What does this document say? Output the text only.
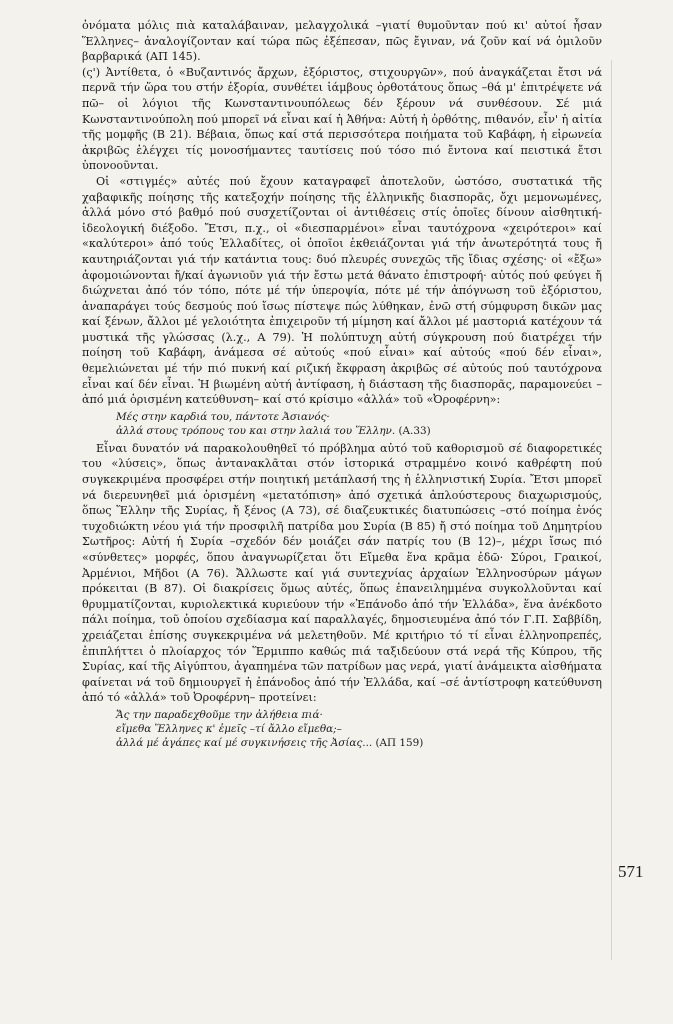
ὀνόματα μόλις πιὰ καταλάβαιναν, μελαγχολικά –γιατί θυμοῦνταν πού κι' αὐτοί ἦσαν Ἕλληνες– ἀναλογίζονταν καί τώρα πῶς ἐξέπεσαν, πῶς ἔγιναν, νά ζοῦν καί νά ὁμιλοῦν βαρβαρικά (ΑΠ 145).

(ς') Ἀντίθετα, ὁ «Βυζαντινός ἄρχων, ἐξόριστος, στιχουργῶν», πού ἀναγκάζεται ἔτσι νά περνᾶ τήν ὥρα του στήν ἐξορία, συνθέτει ἰάμβους ὀρθοτάτους ὅπως –θά μ' ἐπιτρέψετε νά πῶ– οἱ λόγιοι τῆς Κωνσταντινουπόλεως δέν ξέρουν νά συνθέσουν. Σέ μιά Κωνσταντινούπολη πού μπορεῖ νά εἶναι καί ἡ Ἀθήνα: Αὐτή ἡ ὀρθότης, πιθανόν, εἶν' ἡ αἰτία τῆς μομφῆς (Β 21). Βέβαια, ὅπως καί στά περισσότερα ποιήματα τοῦ Καβάφη, ἡ εἰρωνεία ἀκριβῶς ἐλέγχει τίς μονοσήμαντες ταυτίσεις πού τόσο πιό ἔντονα καί πειστικά ἔτσι ὑπονοοῦνται.

Οἱ «στιγμές» αὐτές πού ἔχουν καταγραφεῖ ἀποτελοῦν, ὡστόσο, συστατικά τῆς χαβαφικῆς ποίησης τῆς κατεξοχήν ποίησης τῆς ἑλληνικῆς διασπορᾶς, ὄχι μεμονωμένες, ἀλλά μόνο στό βαθμό πού συσχετίζονται οἱ ἀντιθέσεις στίς ὁποῖες δίνουν αἰσθητική-ἰδεολογική διέξοδο. Ἔτσι, π.χ., οἱ «διεσπαρμένοι» εἶναι ταυτόχρονα «χειρότεροι» καί «καλύτεροι» ἀπό τούς Ἑλλαδίτες, οἱ ὁποῖοι ἐκθειάζονται γιά τήν ἀνωτερότητά τους ἤ καυτηριάζονται γιά τήν κατάντια τους: δυό πλευρές συνεχῶς τῆς ἴδιας σχέσης· οἱ «ἔξω» ἀφομοιώνονται ἤ/καί ἀγωνιοῦν γιά τήν ἔστω μετά θάνατο ἐπιστροφή· αὐτός πού φεύγει ἤ διώχνεται ἀπό τόν τόπο, πότε μέ τήν ὑπεροψία, πότε μέ τήν ἀπόγνωση τοῦ ἐξόριστου, ἀναπαράγει τούς δεσμούς πού ἴσως πίστεψε πώς λύθηκαν, ἐνῶ στή σύμφυρση δικῶν μας καί ξένων, ἄλλοι μέ γελοιότητα ἐπιχειροῦν τή μίμηση καί ἄλλοι μέ μαστοριά κατέχουν τά μυστικά τῆς γλώσσας (λ.χ., Α 79). Ἡ πολύπτυχη αὐτή σύγκρουση πού διατρέχει τήν ποίηση τοῦ Καβάφη, ἀνάμεσα σέ αὐτούς «πού εἶναι» καί αὐτούς «πού δέν εἶναι», θεμελιώνεται μέ τήν πιό πυκνή καί ριζική ἔκφραση ἀκριβῶς σέ αὐτούς πού ταυτόχρονα εἶναι καί δέν εἶναι. Ἡ βιωμένη αὐτή ἀντίφαση, ἡ διάσταση τῆς διασπορᾶς, παραμονεύει –ἀπό μιά ὁρισμένη κατεύθυνση– καί στό κρίσιμο «ἀλλά» τοῦ «Ὀροφέρνη»:

Μές στην καρδιά του, πάντοτε Ἀσιανός·
ἀλλά στους τρόπους του και στην λαλιά του Ἕλλην. (Α.33)

Εἶναι δυνατόν νά παρακολουθηθεῖ τό πρόβλημα αὐτό τοῦ καθορισμοῦ σέ διαφορετικές του «λύσεις», ὅπως ἀντανακλᾶται στόν ἱστορικά στραμμένο κοινό καθρέφτη πού συγκεκριμένα προσφέρει στήν ποιητική μετάπλασή της ἡ ἑλληνιστική Συρία. Ἔτσι μπορεῖ νά διερευνηθεῖ μιά ὁρισμένη «μετατόπιση» ἀπό σχετικά ἁπλούστερους διαχωρισμούς, ὅπως Ἕλλην τῆς Συρίας, ἤ ξένος (Α 73), σέ διαζευκτικές διατυπώσεις –στό ποίημα ἑνός τυχοδιώκτη νέου γιά τήν προσφιλῆ πατρίδα μου Συρία (Β 85) ἤ στό ποίημα τοῦ Δημητρίου Σωτῆρος: Αὐτή ἡ Συρία –σχεδόν δέν μοιάζει σάν πατρίς του (Β 12)–, μέχρι ἴσως πιό «σύνθετες» μορφές, ὅπου ἀναγνωρίζεται ὅτι Εἴμεθα ἕνα κρᾶμα ἐδῶ· Σύροι, Γραικοί, Ἀρμένιοι, Μῆδοι (Α 76). Ἄλλωστε καί γιά συντεχνίας ἀρχαίων Ἑλληνοσύρων μάγων πρόκειται (Β 87). Οἱ διακρίσεις ὅμως αὐτές, ὅπως ἐπανειλημμένα συγκολλοῦνται καί θρυμματίζονται, κυριολεκτικά κυριεύουν τήν «Ἐπάνοδο ἀπό τήν Ἑλλάδα», ἕνα ἀνέκδοτο πάλι ποίημα, τοῦ ὁποίου σχεδίασμα καί παραλλαγές, δημοσιευμένα ἀπό τόν Γ.Π. Σαββίδη, χρειάζεται ἐπίσης συγκεκριμένα νά μελετηθοῦν. Μέ κριτήριο τό τί εἶναι ἑλληνοπρεπές, ἐπιπλήττει ὁ πλοίαρχος τόν Ἕρμιππο καθώς πιά ταξιδεύουν στά νερά τῆς Κύπρου, τῆς Συρίας, καί τῆς Αἰγύπτου, ἀγαπημένα τῶν πατρίδων μας νερά, γιατί ἀνάμεικτα αἰσθήματα φαίνεται νά τοῦ δημιουργεῖ ἡ ἐπάνοδος ἀπό τήν Ἑλλάδα, καί –σέ ἀντίστροφη κατεύθυνση ἀπό τό «ἀλλά» τοῦ Ὀροφέρνη– προτείνει:

Ἄς την παραδεχθοῦμε την ἀλήθεια πιά·
εἴμεθα Ἕλληνες κ' ἐμεῖς –τί ἄλλο εἴμεθα;–
ἀλλά μέ ἀγάπες καί μέ συγκινήσεις τῆς Ἀσίας... (ΑΠ 159)
571
